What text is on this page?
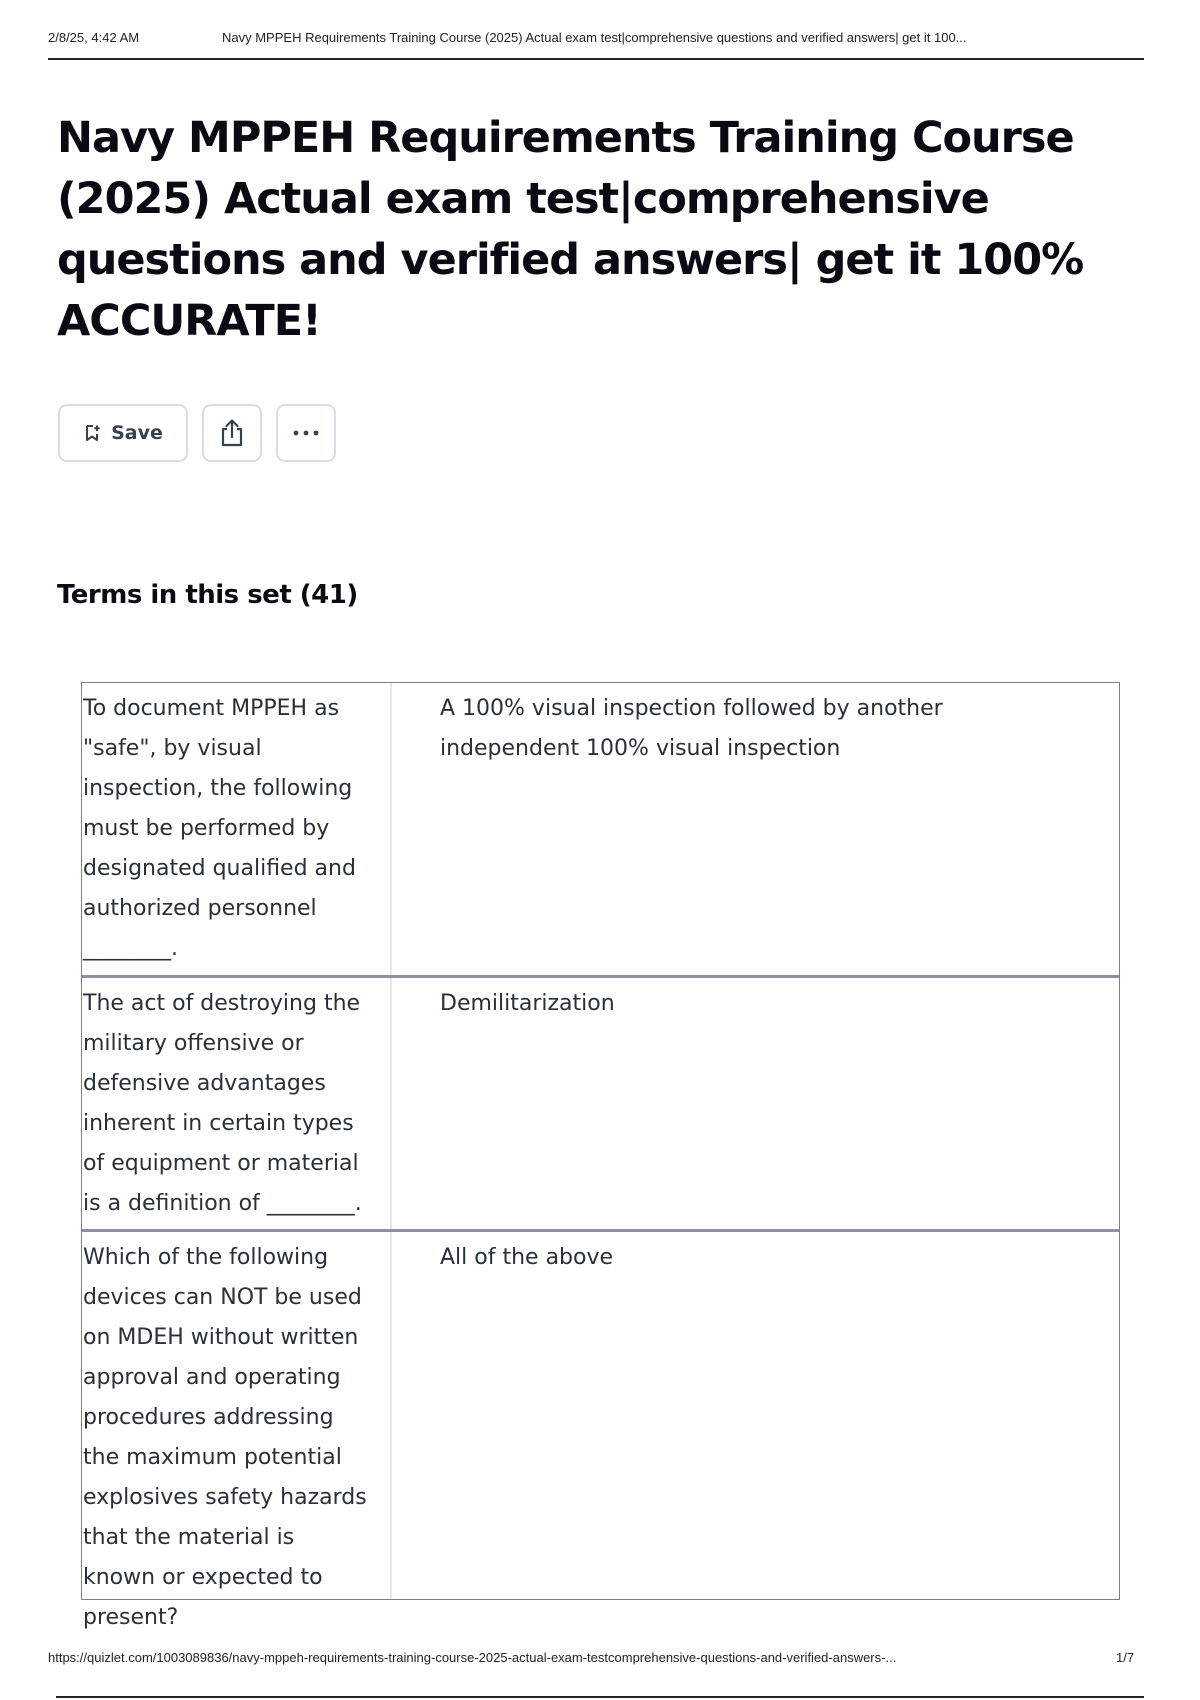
2/8/25, 4:42 AM	Navy MPPEH Requirements Training Course (2025) Actual exam test|comprehensive questions and verified answers| get it 100...
Navy MPPEH Requirements Training Course (2025) Actual exam test|comprehensive questions and verified answers| get it 100% ACCURATE!
Save
Terms in this set (41)
To document MPPEH as "safe", by visual inspection, the following must be performed by designated qualified and authorized personnel ________.
A 100% visual inspection followed by another independent 100% visual inspection
The act of destroying the military offensive or defensive advantages inherent in certain types of equipment or material is a definition of ________.
Demilitarization
Which of the following devices can NOT be used on MDEH without written approval and operating procedures addressing the maximum potential explosives safety hazards that the material is known or expected to present?
All of the above
https://quizlet.com/1003089836/navy-mppeh-requirements-training-course-2025-actual-exam-testcomprehensive-questions-and-verified-answers-...	1/7
